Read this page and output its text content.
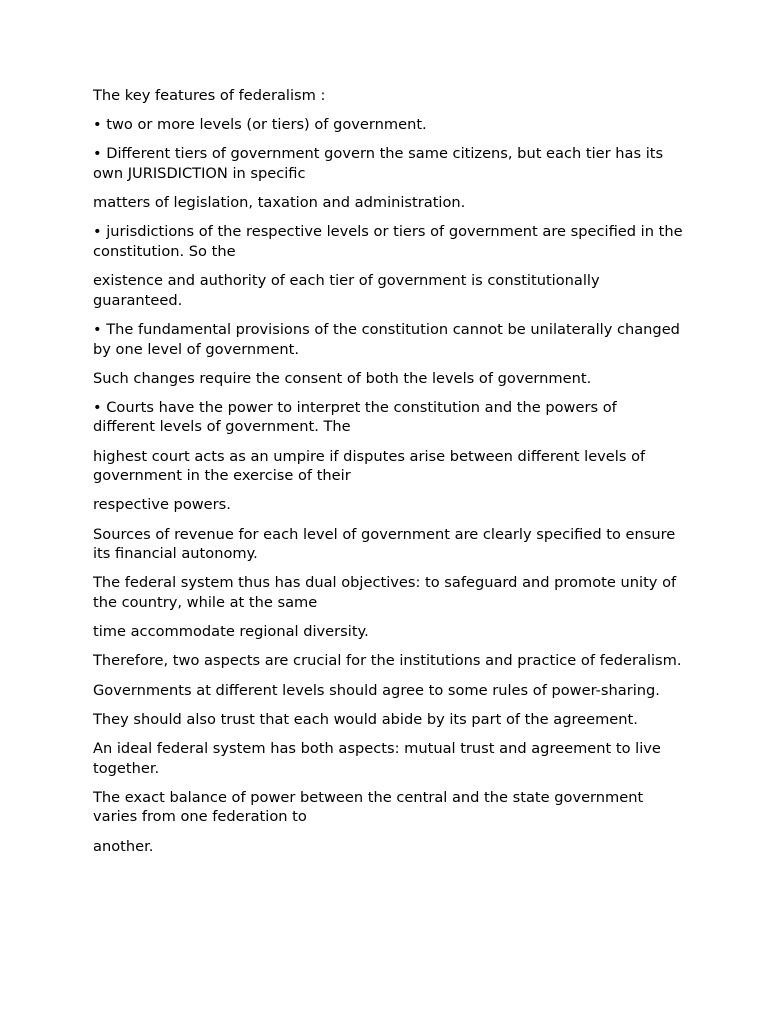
The key features of federalism :

• two or more levels (or tiers) of government.

• Different tiers of government govern the same citizens, but each tier has its own JURISDICTION in specific

matters of legislation, taxation and administration.

• jurisdictions of the respective levels or tiers of government are specified in the constitution. So the

existence and authority of each tier of government is constitutionally guaranteed.

• The fundamental provisions of the constitution cannot be unilaterally changed by one level of government.

Such changes require the consent of both the levels of government.

• Courts have the power to interpret the constitution and the powers of different levels of government. The

highest court acts as an umpire if disputes arise between different levels of government in the exercise of their

respective powers.

Sources of revenue for each level of government are clearly specified to ensure its financial autonomy.

The federal system thus has dual objectives: to safeguard and promote unity of the country, while at the same

time accommodate regional diversity.

Therefore, two aspects are crucial for the institutions and practice of federalism.

Governments at different levels should agree to some rules of power-sharing.

They should also trust that each would abide by its part of the agreement.

An ideal federal system has both aspects: mutual trust and agreement to live together.

The exact balance of power between the central and the state government varies from one federation to

another.
